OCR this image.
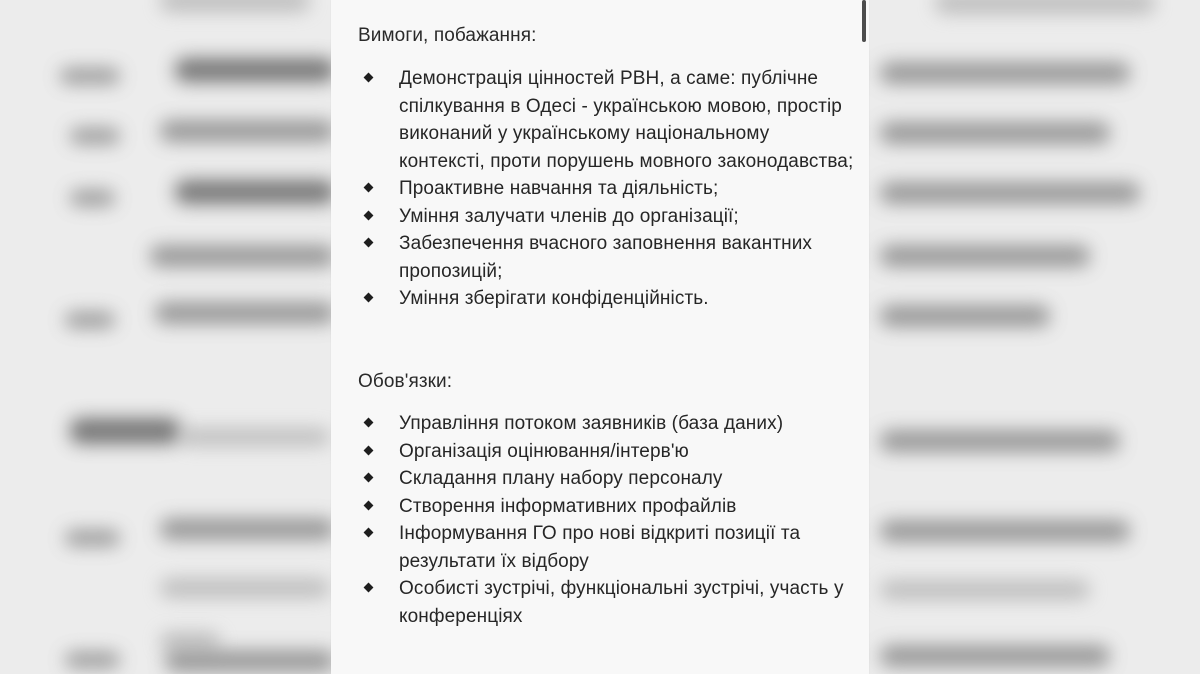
Вимоги, побажання:
Демонстрація цінностей РВН, а саме: публічне спілкування в Одесі - українською мовою, простір виконаний у українському національному контексті, проти порушень мовного законодавства;
Проактивне навчання та діяльність;
Уміння залучати членів до організації;
Забезпечення вчасного заповнення вакантних пропозицій;
Уміння зберігати конфіденційність.
Обов'язки:
Управління потоком заявників (база даних)
Організація оцінювання/інтерв'ю
Складання плану набору персоналу
Створення інформативних профайлів
Інформування ГО про нові відкриті позиції та результати їх відбору
Особисті зустрічі, функціональні зустрічі, участь у конференціях
